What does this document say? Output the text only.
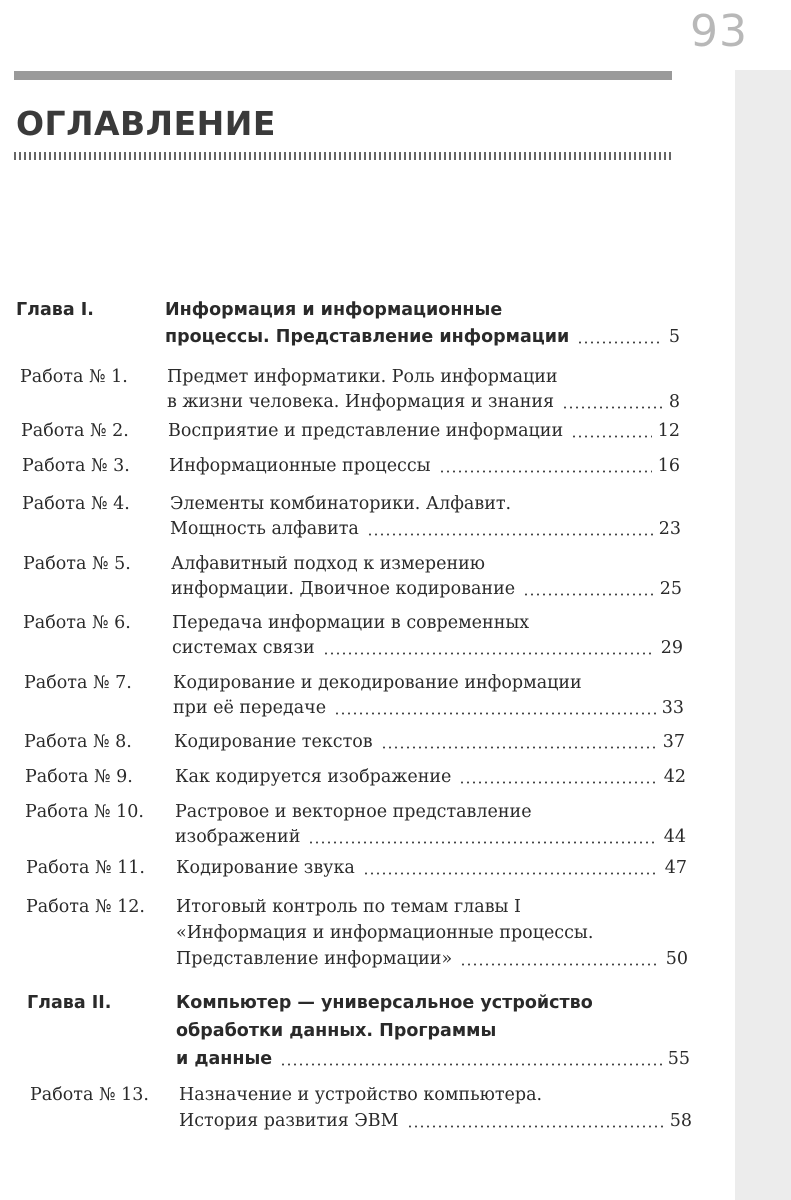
93
ОГЛАВЛЕНИЕ
Глава I.	Информация и информационные
процессы. Представление информации	5
Работа № 1. Предмет информатики. Роль информации
в жизни человека. Информация и знания	8
Работа № 2. Восприятие и представление информации	12
Работа № 3. Информационные процессы	16
Работа № 4. Элементы комбинаторики. Алфавит.
Мощность алфавита	23
Работа № 5. Алфавитный подход к измерению
информации. Двоичное кодирование	25
Работа № 6. Передача информации в современных
системах связи	29
Работа № 7. Кодирование и декодирование информации
при её передаче	33
Работа № 8. Кодирование текстов	37
Работа № 9. Как кодируется изображение	42
Работа № 10. Растровое и векторное представление
изображений	44
Работа № 11. Кодирование звука	47
Работа № 12. Итоговый контроль по темам главы I
«Информация и информационные процессы.
Представление информации»	50
Глава II.	Компьютер — универсальное устройство
обработки данных. Программы
и данные	55
Работа № 13. Назначение и устройство компьютера.
История развития ЭВМ	58
